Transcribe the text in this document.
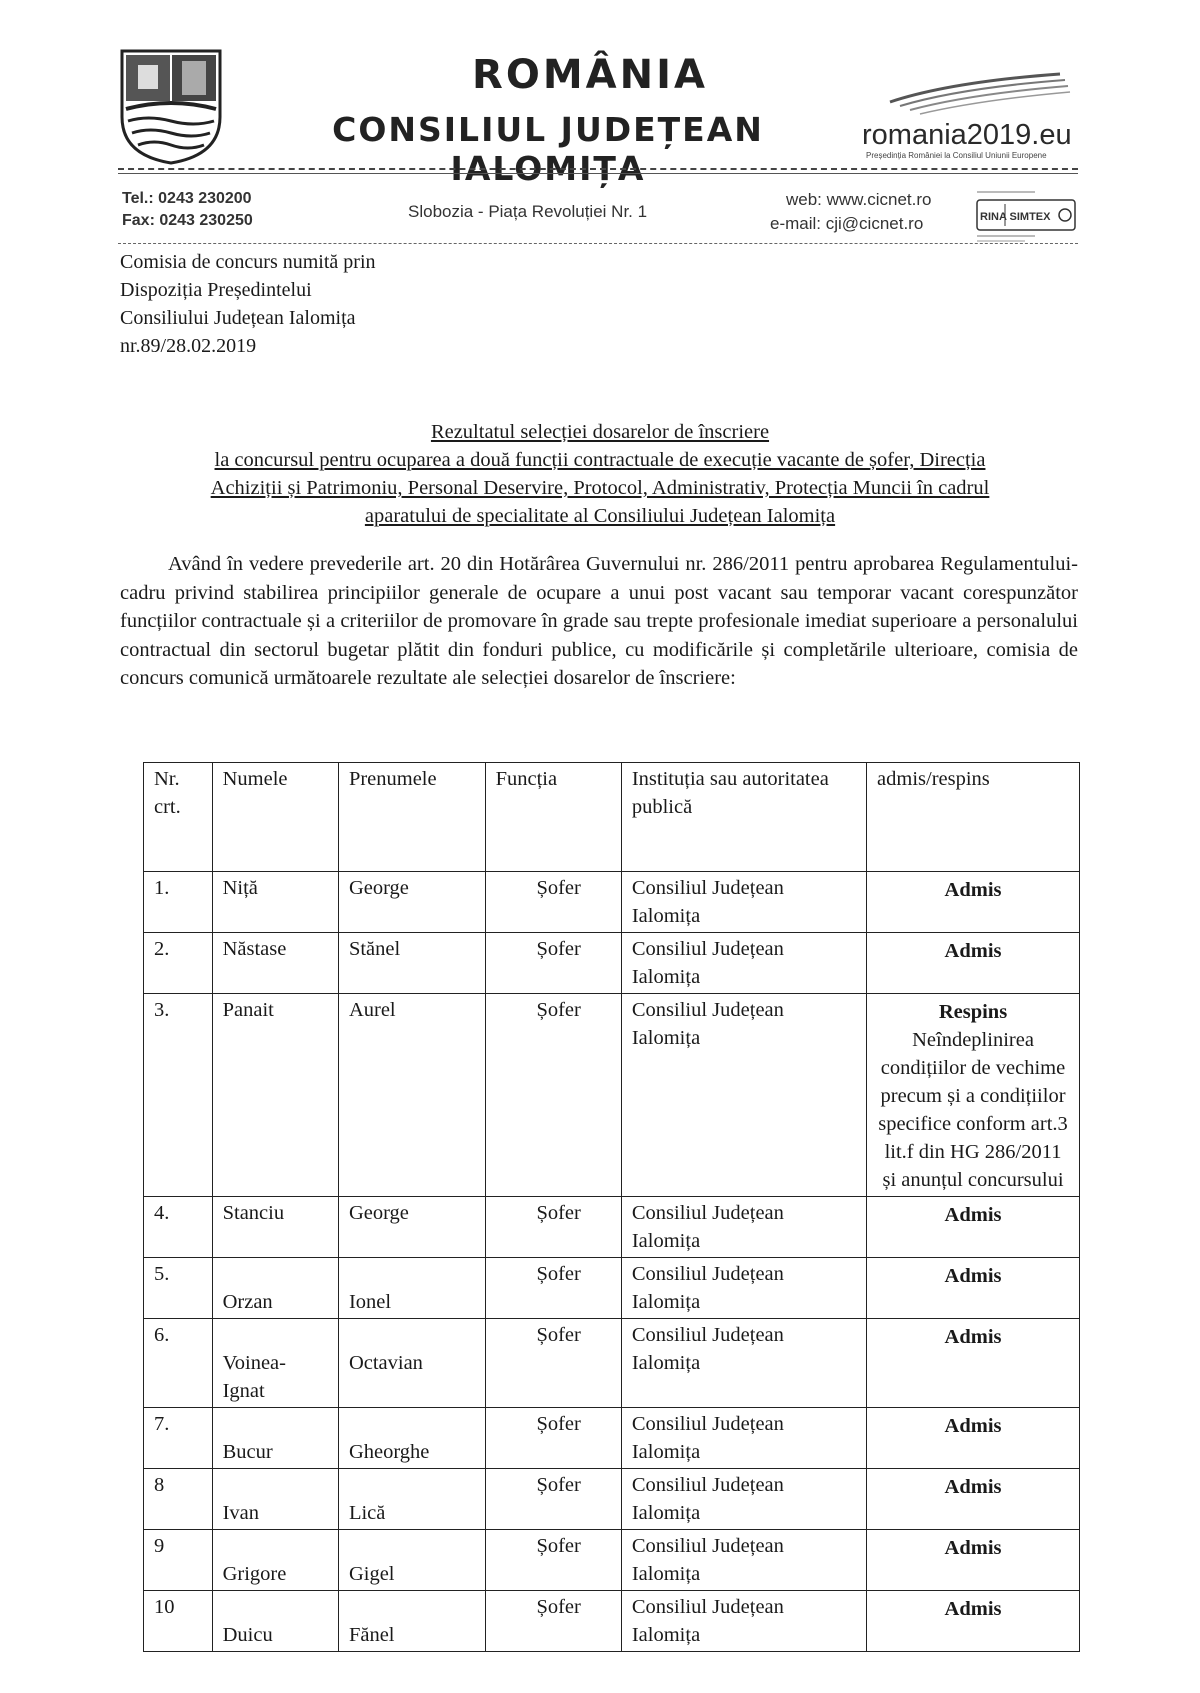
ROMÂNIA
CONSILIUL JUDEȚEAN IALOMIȚA
romania2019.eu
Președinția României la Consiliul Uniunii Europene
Tel.: 0243 230200
Fax: 0243 230250	Slobozia - Piața Revoluției Nr. 1
web: www.cicnet.ro
e-mail: cji@cicnet.ro	RINA SIMTEX
Comisia de concurs numită prin
Dispoziția Președintelui
Consiliului Județean Ialomița
nr.89/28.02.2019
Rezultatul selecției dosarelor de înscriere
la concursul pentru ocuparea a două funcții contractuale de execuție vacante de șofer, Direcția
Achiziții și Patrimoniu, Personal Deservire, Protocol, Administrativ, Protecția Muncii în cadrul
aparatului de specialitate al Consiliului Județean Ialomița
Având în vedere prevederile art. 20 din Hotărârea Guvernului nr. 286/2011 pentru aprobarea Regulamentului-cadru privind stabilirea principiilor generale de ocupare a unui post vacant sau temporar vacant corespunzător funcțiilor contractuale și a criteriilor de promovare în grade sau trepte profesionale imediat superioare a personalului contractual din sectorul bugetar plătit din fonduri publice, cu modificările și completările ulterioare, comisia de concurs comunică următoarele rezultate ale selecției dosarelor de înscriere:
Nr. crt.	Numele	Prenumele	Funcția	Instituția sau autoritatea publică	admis/respins
1.	Niță	George	Șofer	Consiliul Județean Ialomița	Admis

2.	Năstase	Stănel	Șofer	Consiliul Județean Ialomița	Admis

3.	Panait	Aurel	Șofer	Consiliul Județean Ialomița	Respins
Neîndeplinirea condițiilor de vechime precum și a condițiilor specifice conform art.3 lit.f din HG 286/2011 și anunțul concursului

4.	Stanciu	George	Șofer	Consiliul Județean Ialomița	Admis

5.	Orzan	Ionel	Șofer	Consiliul Județean Ialomița	Admis

6.	Voinea-Ignat	Octavian	Șofer	Consiliul Județean Ialomița	Admis

7.	Bucur	Gheorghe	Șofer	Consiliul Județean Ialomița	Admis

8	Ivan	Lică	Șofer	Consiliul Județean Ialomița	Admis

9	Grigore	Gigel	Șofer	Consiliul Județean Ialomița	Admis

10	Duicu	Fănel	Șofer	Consiliul Județean Ialomița	Admis
